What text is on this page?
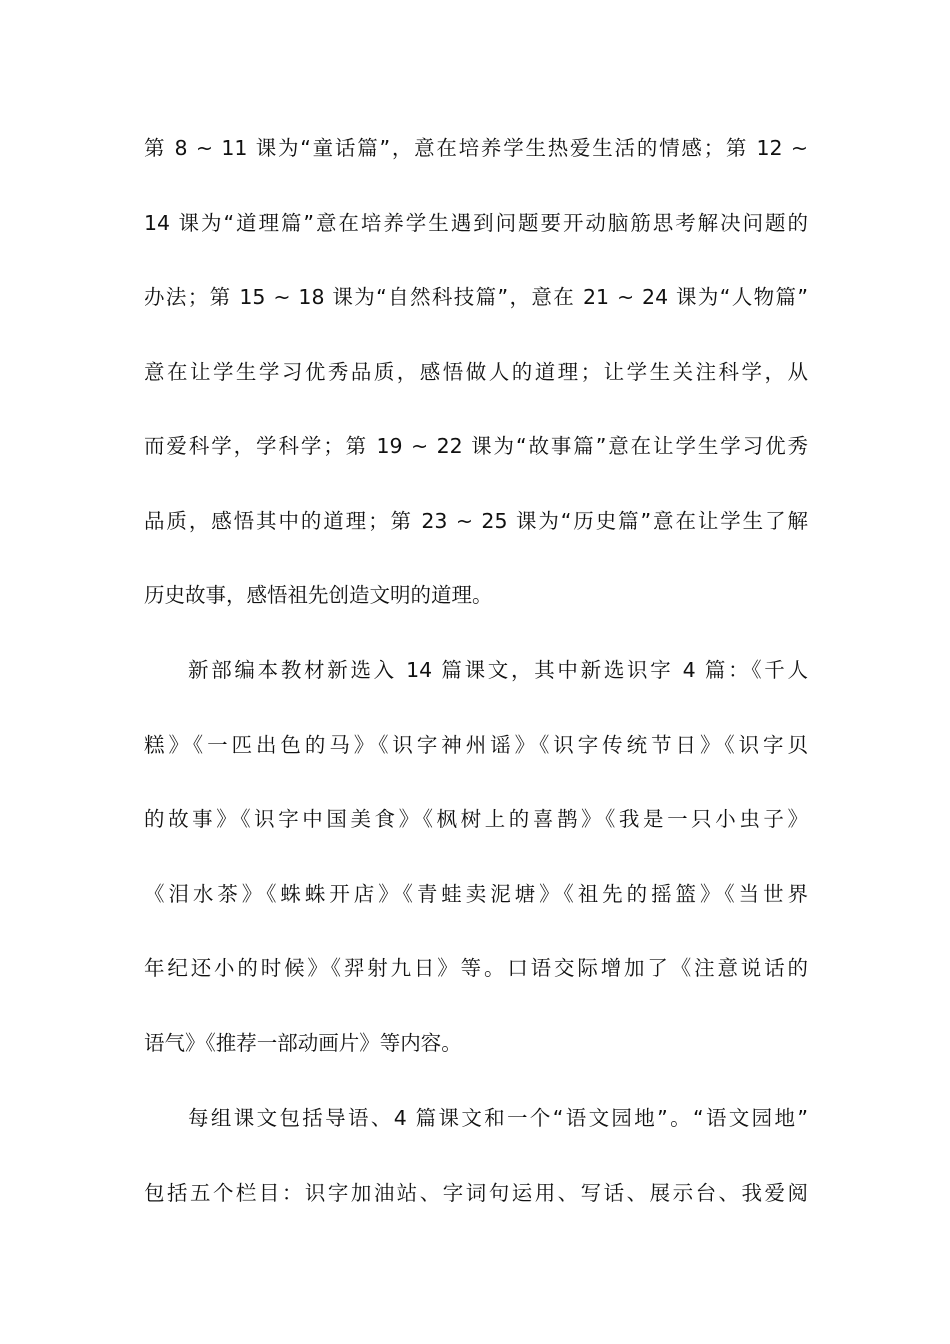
第 8 ~ 11 课为“童话篇”，意在培养学生热爱生活的情感；第 12 ~
14 课为“道理篇”意在培养学生遇到问题要开动脑筋思考解决问题的
办法；第 15 ~ 18 课为“自然科技篇”，意在 21 ~ 24 课为“人物篇”
意在让学生学习优秀品质，感悟做人的道理；让学生关注科学，从
而爱科学，学科学；第 19 ~ 22 课为“故事篇”意在让学生学习优秀
品质，感悟其中的道理；第 23 ~ 25 课为“历史篇”意在让学生了解
历史故事，感悟祖先创造文明的道理。
新部编本教材新选入 14 篇课文，其中新选识字 4 篇：《千人
糕》《一匹出色的马》《识字神州谣》《识字传统节日》《识字贝
的故事》《识字中国美食》《枫树上的喜鹊》《我是一只小虫子》
《泪水茶》《蛛蛛开店》《青蛙卖泥塘》《祖先的摇篮》《当世界
年纪还小的时候》《羿射九日》等。口语交际增加了《注意说话的
语气》《推荐一部动画片》等内容。
每组课文包括导语、4 篇课文和一个“语文园地”。“语文园地”
包括五个栏目：识字加油站、字词句运用、写话、展示台、我爱阅
